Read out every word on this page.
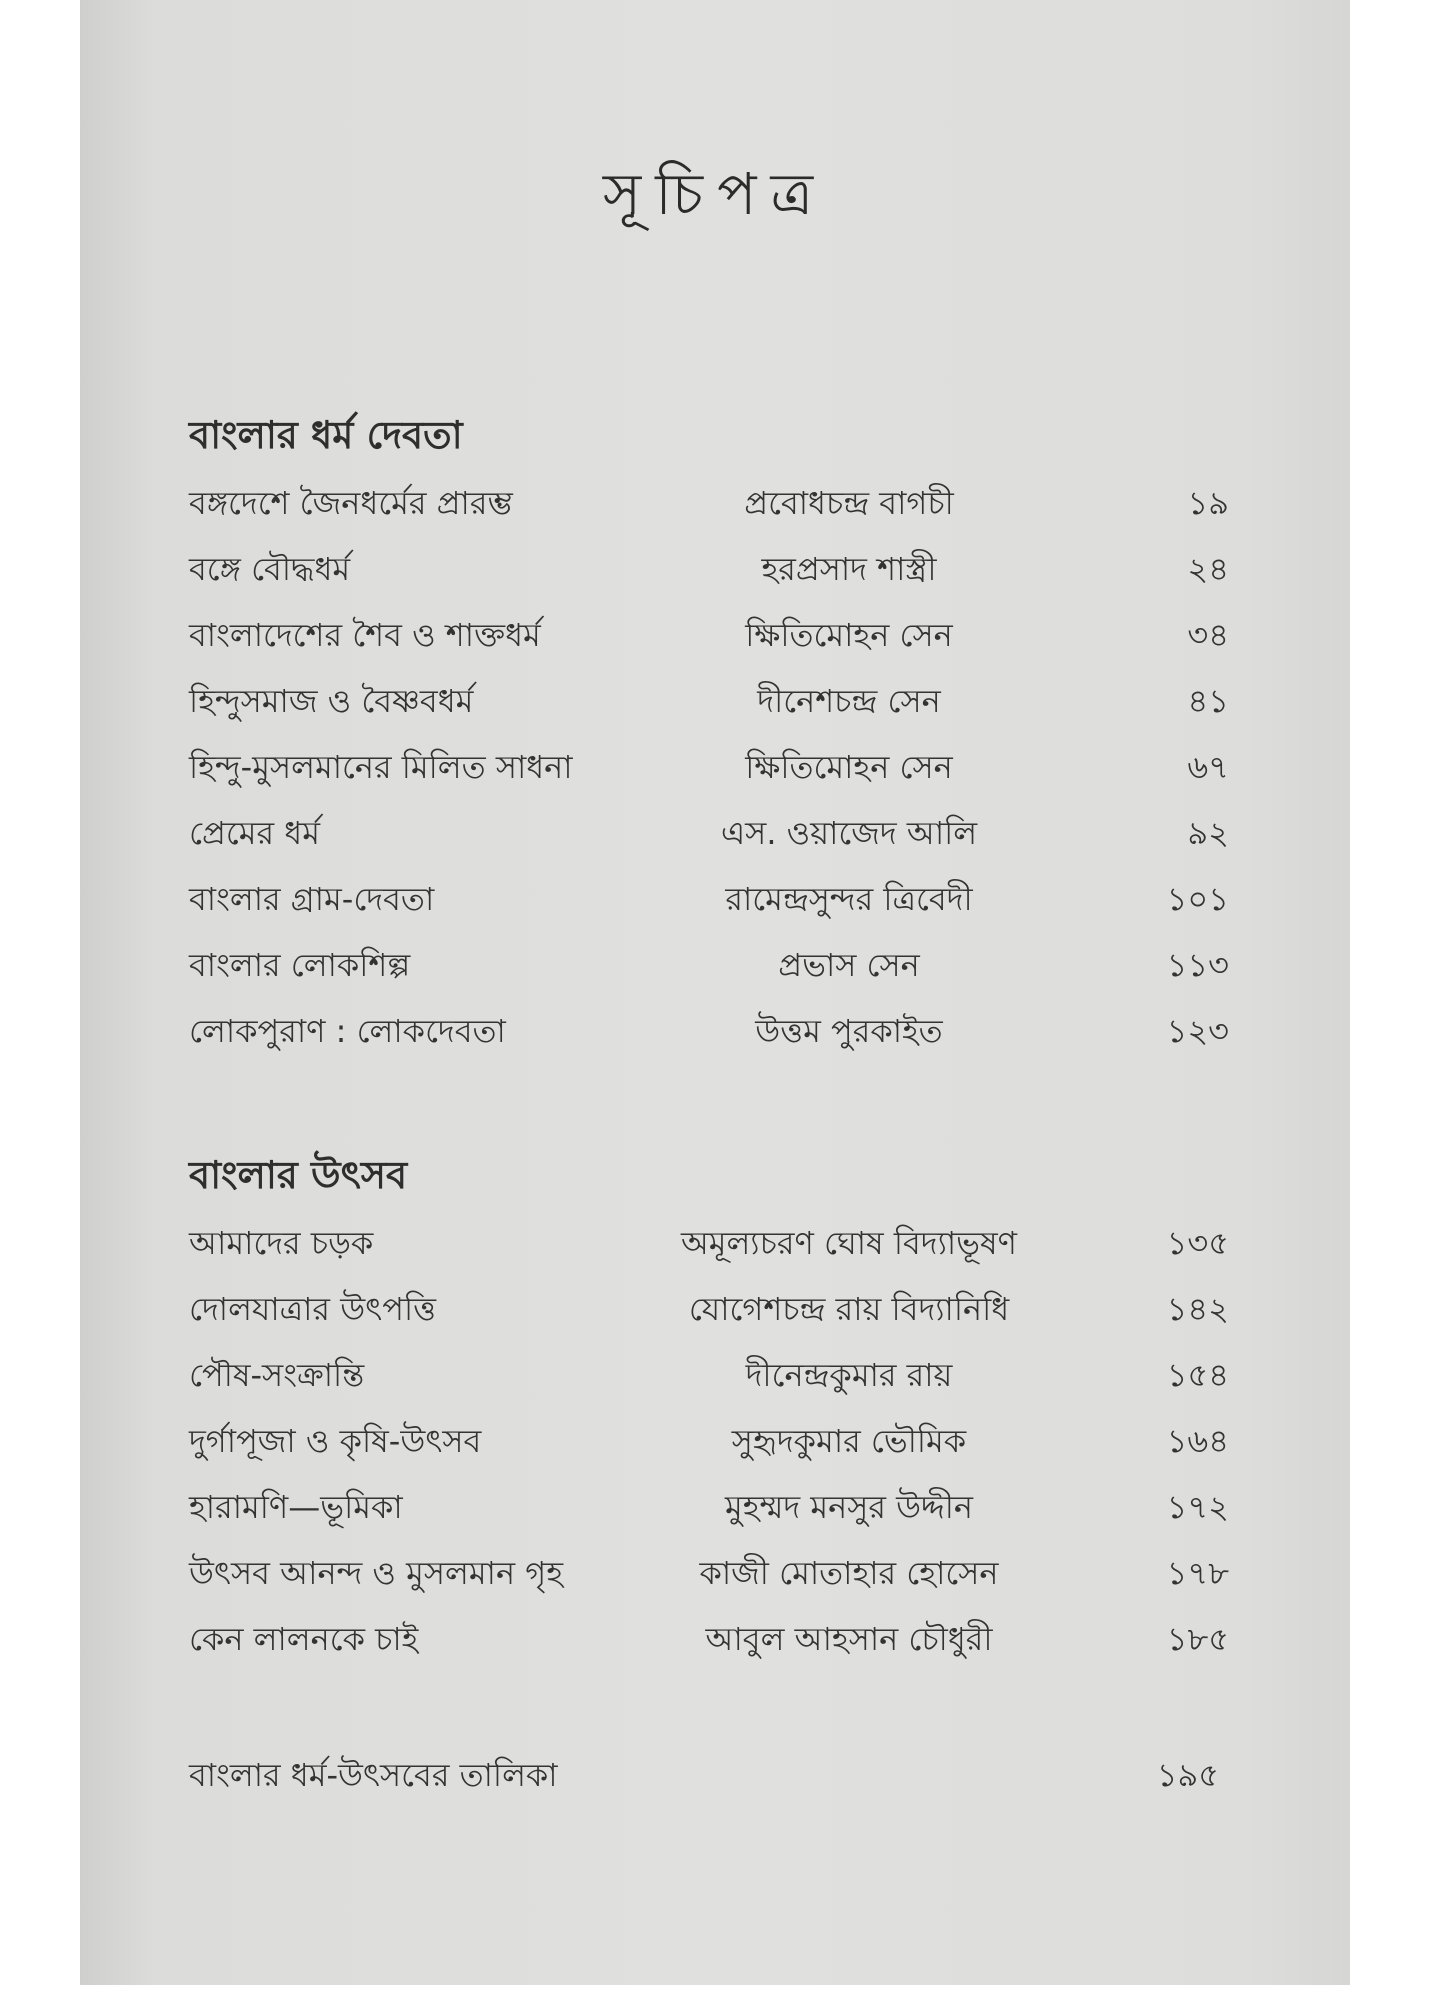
সূচিপত্র
বাংলার ধর্ম দেবতা
বঙ্গদেশে জৈনধর্মের প্রারম্ভ	প্রবোধচন্দ্র বাগচী	১৯
বঙ্গে বৌদ্ধধর্ম	হরপ্রসাদ শাস্ত্রী	২৪
বাংলাদেশের শৈব ও শাক্তধর্ম	ক্ষিতিমোহন সেন	৩৪
হিন্দুসমাজ ও বৈষ্ণবধর্ম	দীনেশচন্দ্র সেন	৪১
হিন্দু-মুসলমানের মিলিত সাধনা	ক্ষিতিমোহন সেন	৬৭
প্রেমের ধর্ম	এস. ওয়াজেদ আলি	৯২
বাংলার গ্রাম-দেবতা	রামেন্দ্রসুন্দর ত্রিবেদী	১০১
বাংলার লোকশিল্প	প্রভাস সেন	১১৩
লোকপুরাণ : লোকদেবতা	উত্তম পুরকাইত	১২৩
বাংলার উৎসব
আমাদের চড়ক	অমূল্যচরণ ঘোষ বিদ্যাভূষণ	১৩৫
দোলযাত্রার উৎপত্তি	যোগেশচন্দ্র রায় বিদ্যানিধি	১৪২
পৌষ-সংক্রান্তি	দীনেন্দ্রকুমার রায়	১৫৪
দুর্গাপূজা ও কৃষি-উৎসব	সুহৃদকুমার ভৌমিক	১৬৪
হারামণি—ভূমিকা	মুহম্মদ মনসুর উদ্দীন	১৭২
উৎসব আনন্দ ও মুসলমান গৃহ	কাজী মোতাহার হোসেন	১৭৮
কেন লালনকে চাই	আবুল আহসান চৌধুরী	১৮৫
বাংলার ধর্ম-উৎসবের তালিকা	১৯৫
